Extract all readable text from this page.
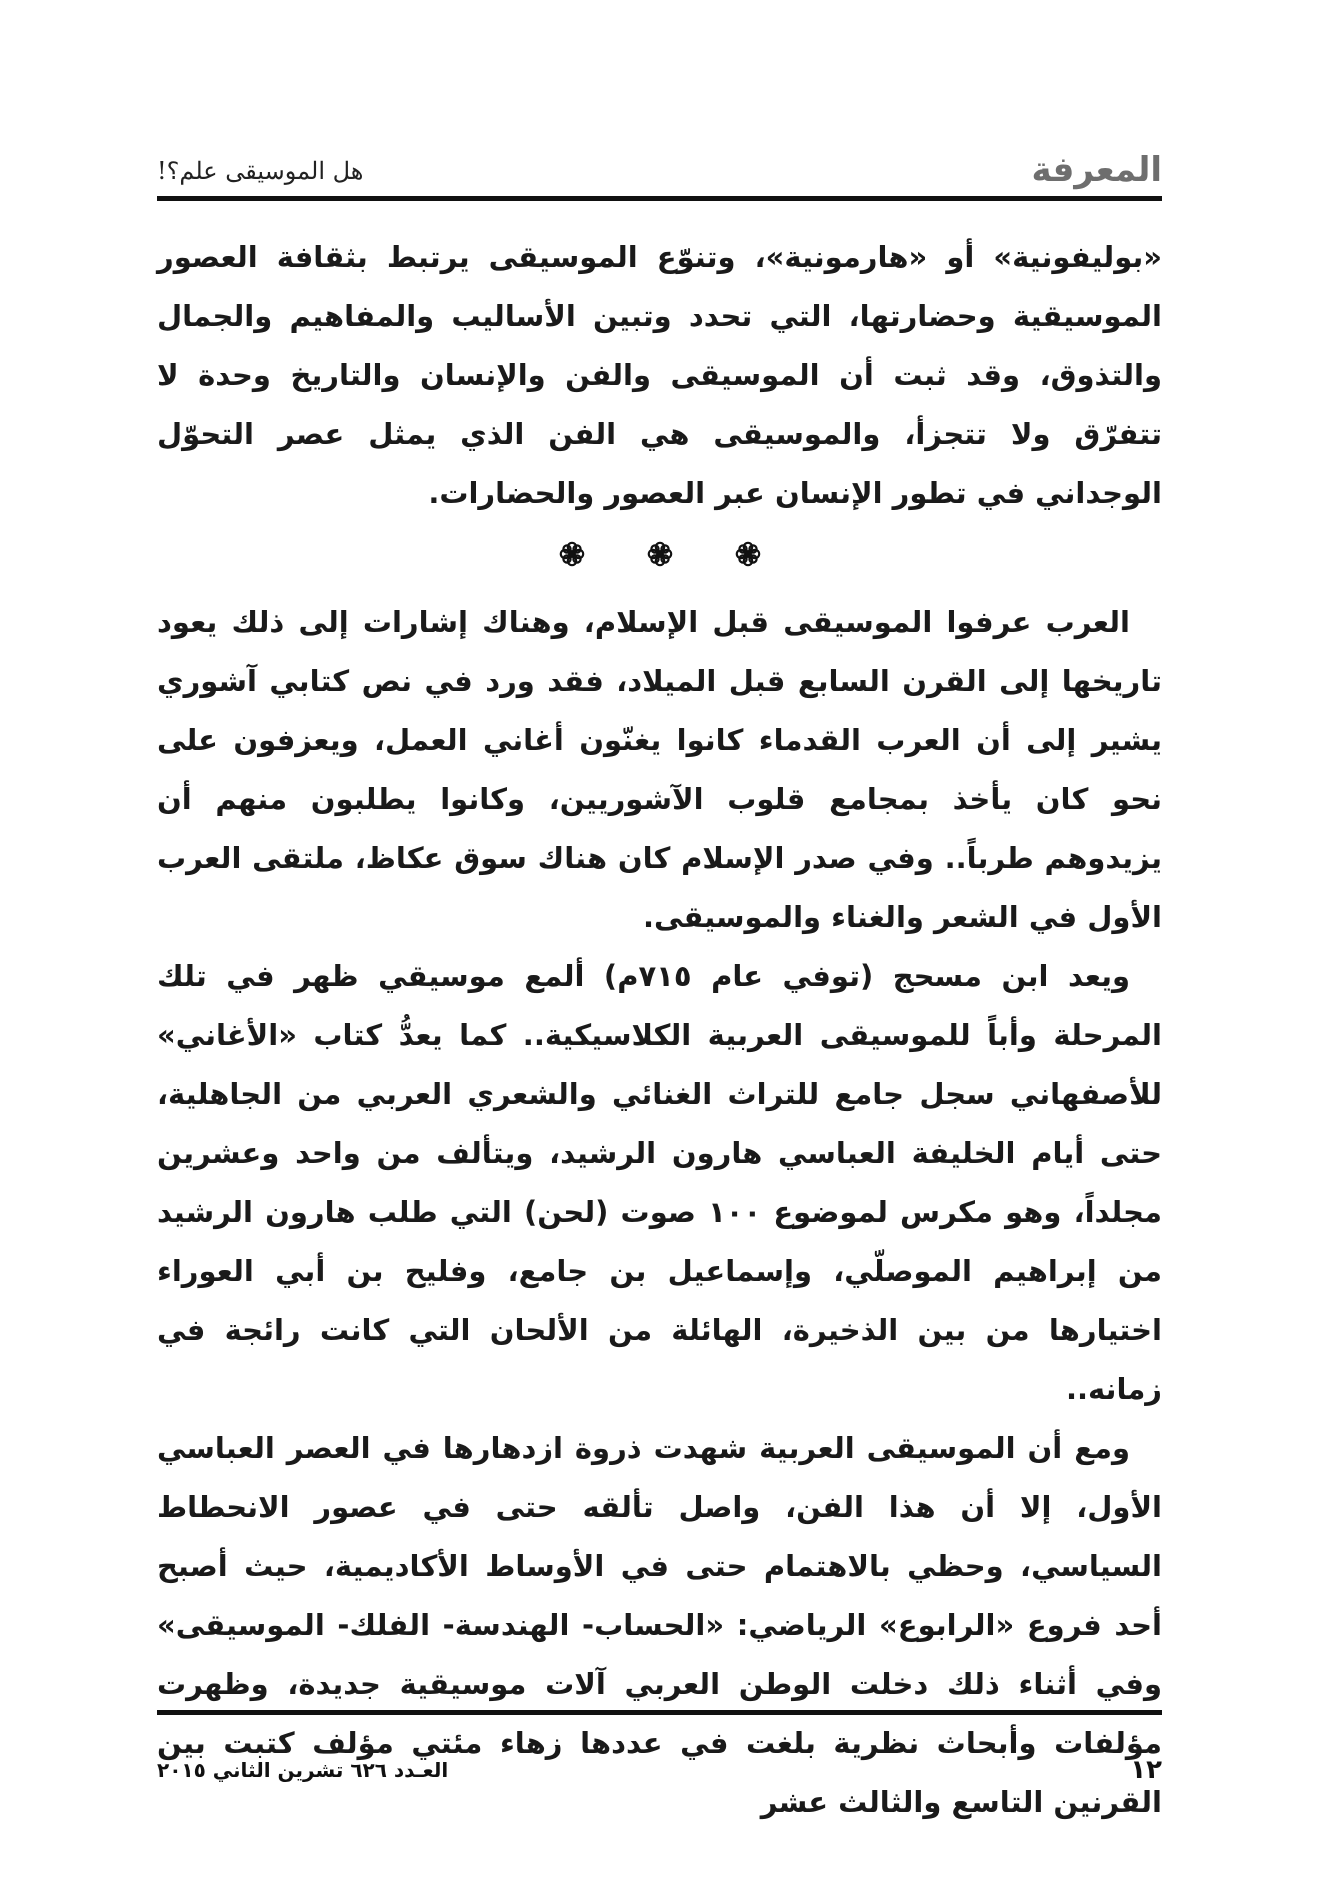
المعرفة
هل الموسيقى علم؟!

«بوليفونية» أو «هارمونية»، وتنوّع الموسيقى يرتبط بثقافة العصور الموسيقية وحضارتها، التي تحدد وتبين الأساليب والمفاهيم والجمال والتذوق، وقد ثبت أن الموسيقى والفن والإنسان والتاريخ وحدة لا تتفرّق ولا تتجزأ، والموسيقى هي الفن الذي يمثل عصر التحوّل الوجداني في تطور الإنسان عبر العصور والحضارات.

العرب عرفوا الموسيقى قبل الإسلام، وهناك إشارات إلى ذلك يعود تاريخها إلى القرن السابع قبل الميلاد، فقد ورد في نص كتابي آشوري يشير إلى أن العرب القدماء كانوا يغنّون أغاني العمل، ويعزفون على نحو كان يأخذ بمجامع قلوب الآشوريين، وكانوا يطلبون منهم أن يزيدوهم طرباً.. وفي صدر الإسلام كان هناك سوق عكاظ، ملتقى العرب الأول في الشعر والغناء والموسيقى.

ويعد ابن مسحج (توفي عام ٧١٥م) ألمع موسيقي ظهر في تلك المرحلة وأباً للموسيقى العربية الكلاسيكية.. كما يعدُّ كتاب «الأغاني» للأصفهاني سجل جامع للتراث الغنائي والشعري العربي من الجاهلية، حتى أيام الخليفة العباسي هارون الرشيد، ويتألف من واحد وعشرين مجلداً، وهو مكرس لموضوع ١٠٠ صوت (لحن) التي طلب هارون الرشيد من إبراهيم الموصلّي، وإسماعيل بن جامع، وفليح بن أبي العوراء اختيارها من بين الذخيرة، الهائلة من الألحان التي كانت رائجة في زمانه..

ومع أن الموسيقى العربية شهدت ذروة ازدهارها في العصر العباسي الأول، إلا أن هذا الفن، واصل تألقه حتى في عصور الانحطاط السياسي، وحظي بالاهتمام حتى في الأوساط الأكاديمية، حيث أصبح أحد فروع «الرابوع» الرياضي: «الحساب- الهندسة- الفلك- الموسيقى» وفي أثناء ذلك دخلت الوطن العربي آلات موسيقية جديدة، وظهرت مؤلفات وأبحاث نظرية بلغت في عددها زهاء مئتي مؤلف كتبت بين القرنين التاسع والثالث عشر

١٢
العـدد ٦٢٦ تشرين الثاني ٢٠١٥
